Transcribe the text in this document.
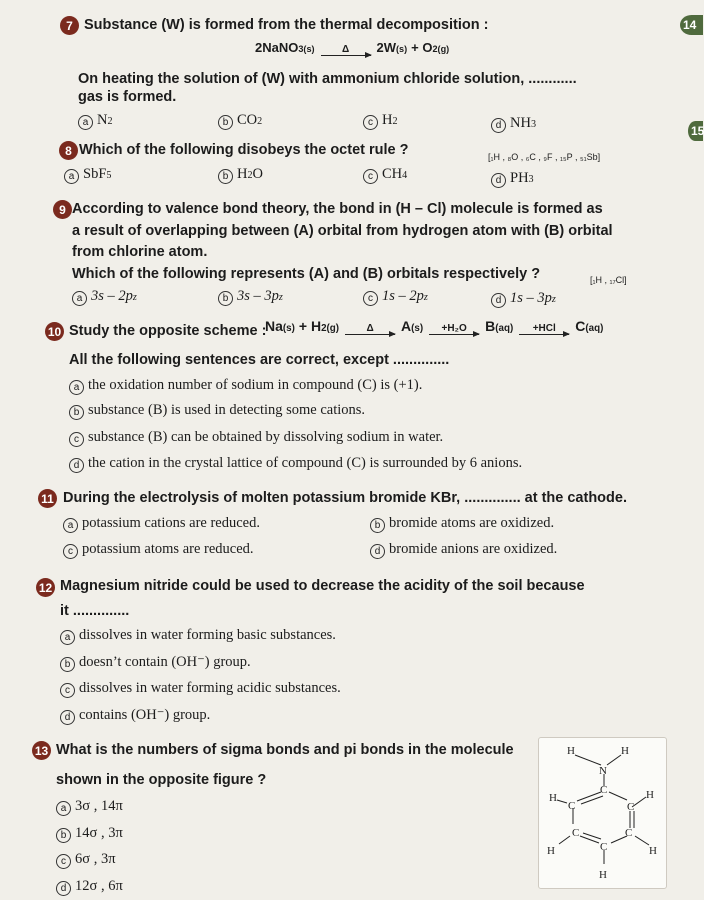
14
15
7 Substance (W) is formed from the thermal decomposition :
2NaNO 3(s)	Δ 2W (s) + O 2(g)
On heating the solution of (W) with ammonium chloride solution, ............
gas is formed.
a N 2	b CO 2	c H 2	d NH 3
8 Which of the following disobeys the octet rule ?	[₁H , ₈O , ₆C , ₉F , ₁₅P , ₅₁Sb]
a SbF 5	b H 2 O	c CH 4	d PH 3
9 According to valence bond theory, the bond in (H – Cl) molecule is formed as
a result of overlapping between (A) orbital from hydrogen atom with (B) orbital
from chlorine atom.
Which of the following represents (A) and (B) orbitals respectively ?	[₁H , ₁₇Cl]
a 3s – 2p z	b 3s – 3p z	c 1s – 2p z	d 1s – 3p z
10 Study the opposite scheme :
Na (s) + H 2(g)	Δ A (s) +H₂O B (aq) +HCl C (aq)
All the following sentences are correct, except ..............
a the oxidation number of sodium in compound (C) is (+1).
b substance (B) is used in detecting some cations.
c substance (B) can be obtained by dissolving sodium in water.
d the cation in the crystal lattice of compound (C) is surrounded by 6 anions.
11 During the electrolysis of molten potassium bromide KBr, .............. at the cathode.
a potassium cations are reduced.	b bromide atoms are oxidized.
c potassium atoms are reduced.	d bromide anions are oxidized.
12 Magnesium nitride could be used to decrease the acidity of the soil because
it ..............
a dissolves in water forming basic substances.
b doesn’t contain (OH⁻) group.
c dissolves in water forming acidic substances.
d contains (OH⁻) group.
13 What is the numbers of sigma bonds and pi bonds in the molecule
shown in the opposite figure ?
a 3σ , 14π
b 14σ , 3π
c 6σ , 3π
d 12σ , 6π
H	H
N
C
H
C	C
H
C	C
H	H
C
H
